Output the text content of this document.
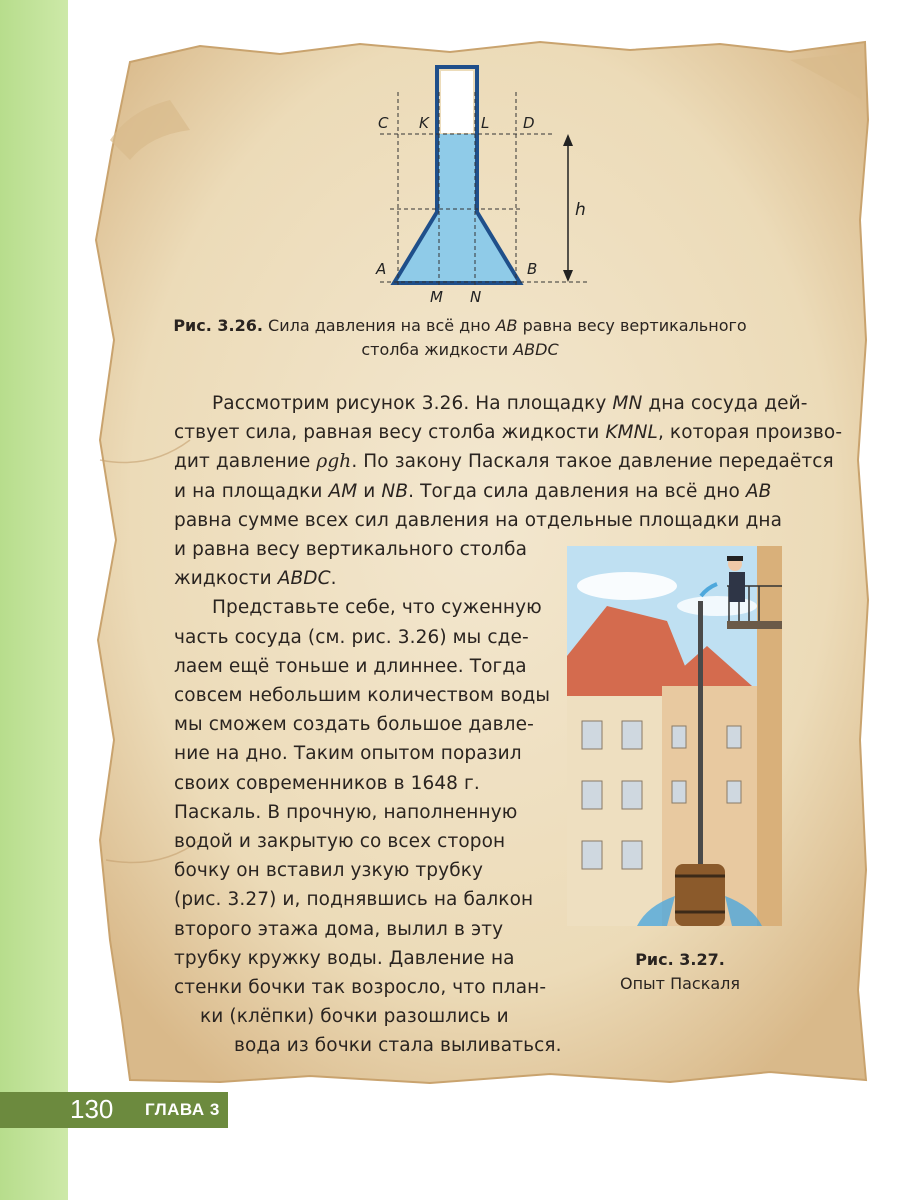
C K	L D
A	B
M N
h
Рис. 3.26. Сила давления на всё дно AB равна весу вертикального
столба жидкости ABDC
Рассмотрим рисунок 3.26. На площадку MN дна сосуда дей-
ствует сила, равная весу столба жидкости KMNL, которая произво-
дит давление ρgh. По закону Паскаля такое давление передаётся
и на площадки AM и NB. Тогда сила давления на всё дно AB
равна сумме всех сил давления на отдельные площадки дна
и равна весу вертикального столба
жидкости ABDC.
Представьте себе, что суженную
часть сосуда (см. рис. 3.26) мы сде-
лаем ещё тоньше и длиннее. Тогда
совсем небольшим количеством воды
мы сможем создать большое давле-
ние на дно. Таким опытом поразил
своих современников в 1648 г.
Паскаль. В прочную, наполненную
водой и закрытую со всех сторон
бочку он вставил узкую трубку
(рис. 3.27) и, поднявшись на балкон
второго этажа дома, вылил в эту
трубку кружку воды. Давление на
стенки бочки так возросло, что план-
ки (клёпки) бочки разошлись и
вода из бочки стала выливаться.
Рис. 3.27.
Опыт Паскаля
130 ГЛАВА 3
